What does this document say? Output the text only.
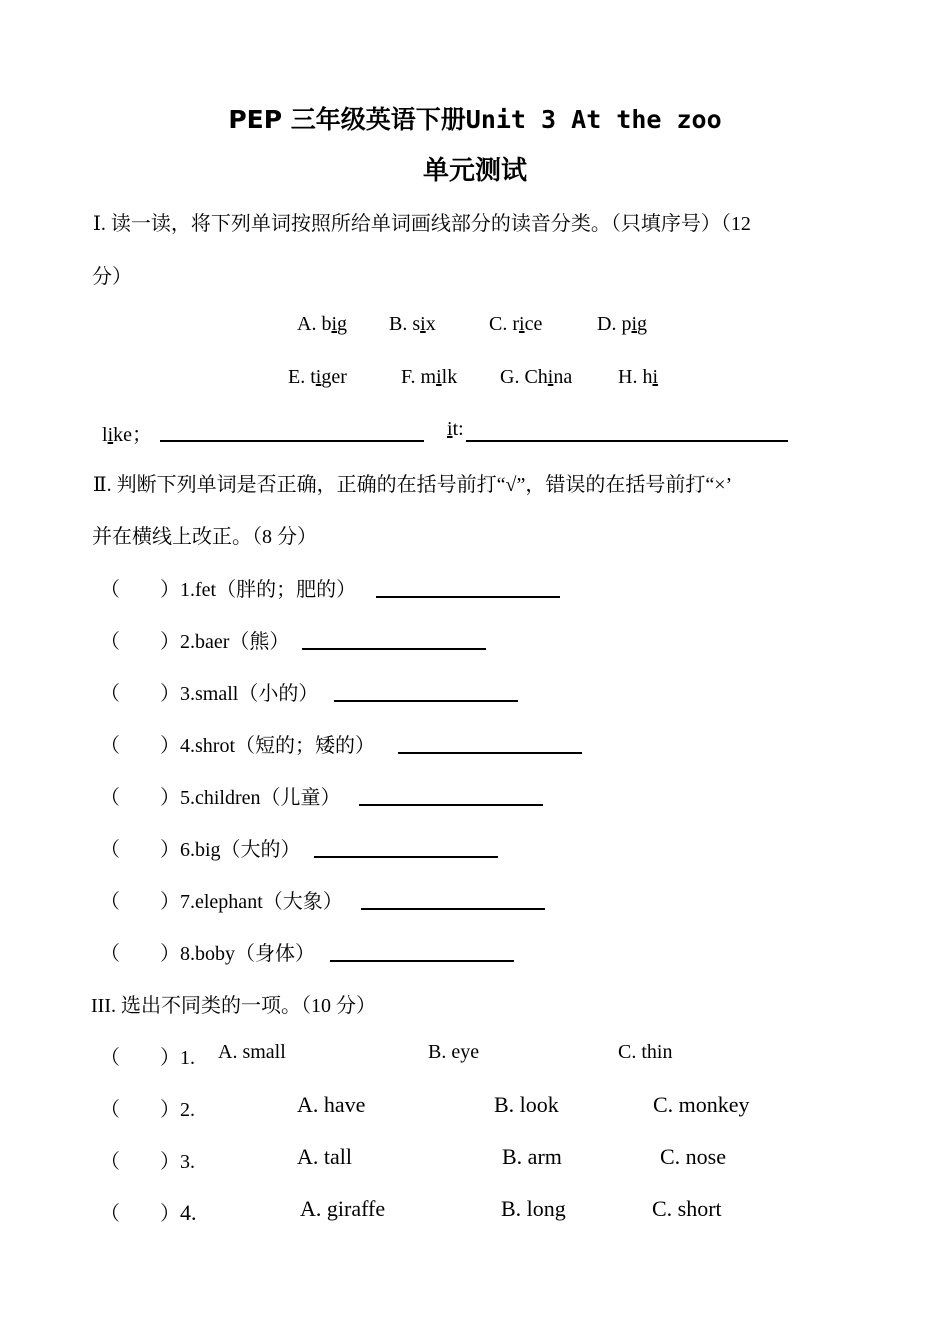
PEP 三年级英语下册Unit 3 At the zoo
单元测试
Ⅰ. 读一读，将下列单词按照所给单词画线部分的读音分类。（只填序号）（12
分）
A. big B. six	C. rice	D. pig
E. tiger	F. milk G. China H. hi
like；	it:
Ⅱ. 判断下列单词是否正确，正确的在括号前打“√”，错误的在括号前打“×’
并在横线上改正。（8 分）
（　　）1.fet（胖的；肥的）
（　　）2.baer（熊）
（　　）3.small（小的）
（　　）4.shrot（短的；矮的）
（　　）5.children（儿童）
（　　）6.big（大的）
（　　）7.elephant（大象）
（　　）8.boby（身体）
III. 选出不同类的一项。（10 分）
（　　）1. A. small	B. eye	C. thin
（　　）2.	A. have	B. look	C. monkey
（　　）3.	A. tall	B. arm	C. nose
（　　）4.	A. giraffe	B. long	C. short
